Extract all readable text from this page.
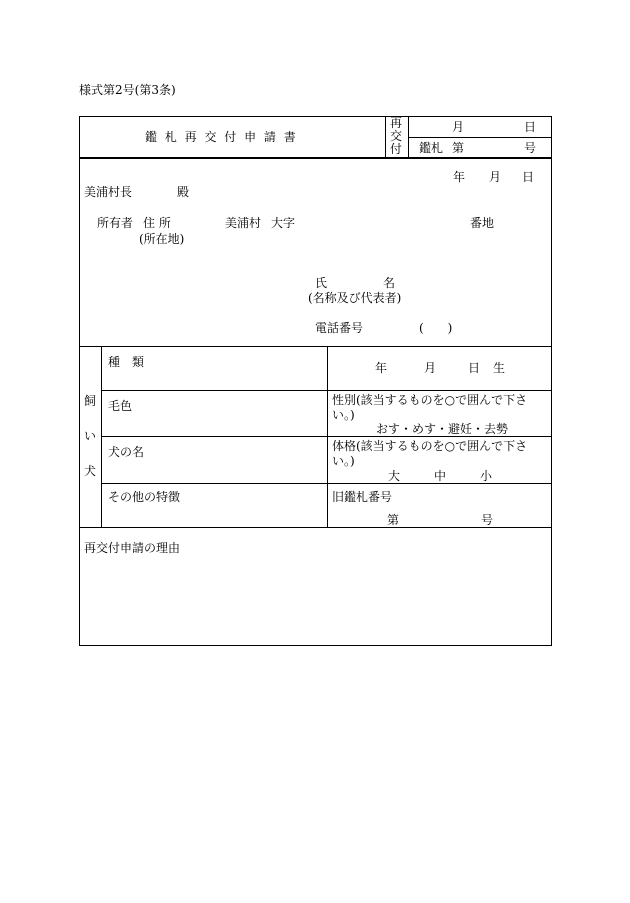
様式第2号(第3条)
鑑 札 再 交 付 申 請 書
再
交
付
月	日
鑑札 第	号
年 月 日
美浦村長	殿
所有者 住 所	美浦村 大字	番地
(所在地)
氏	名
(名称及び代表者)
電話番号	(　　)
飼
い
犬
種　類	年	月	日 生
毛色	性別(該当するものを○で囲んで下さい。)
おす・めす・避妊・去勢
犬の名	体格(該当するものを○で囲んで下さい。)
大	中	小
その他の特徴	旧鑑札番号
第	号
再交付申請の理由
